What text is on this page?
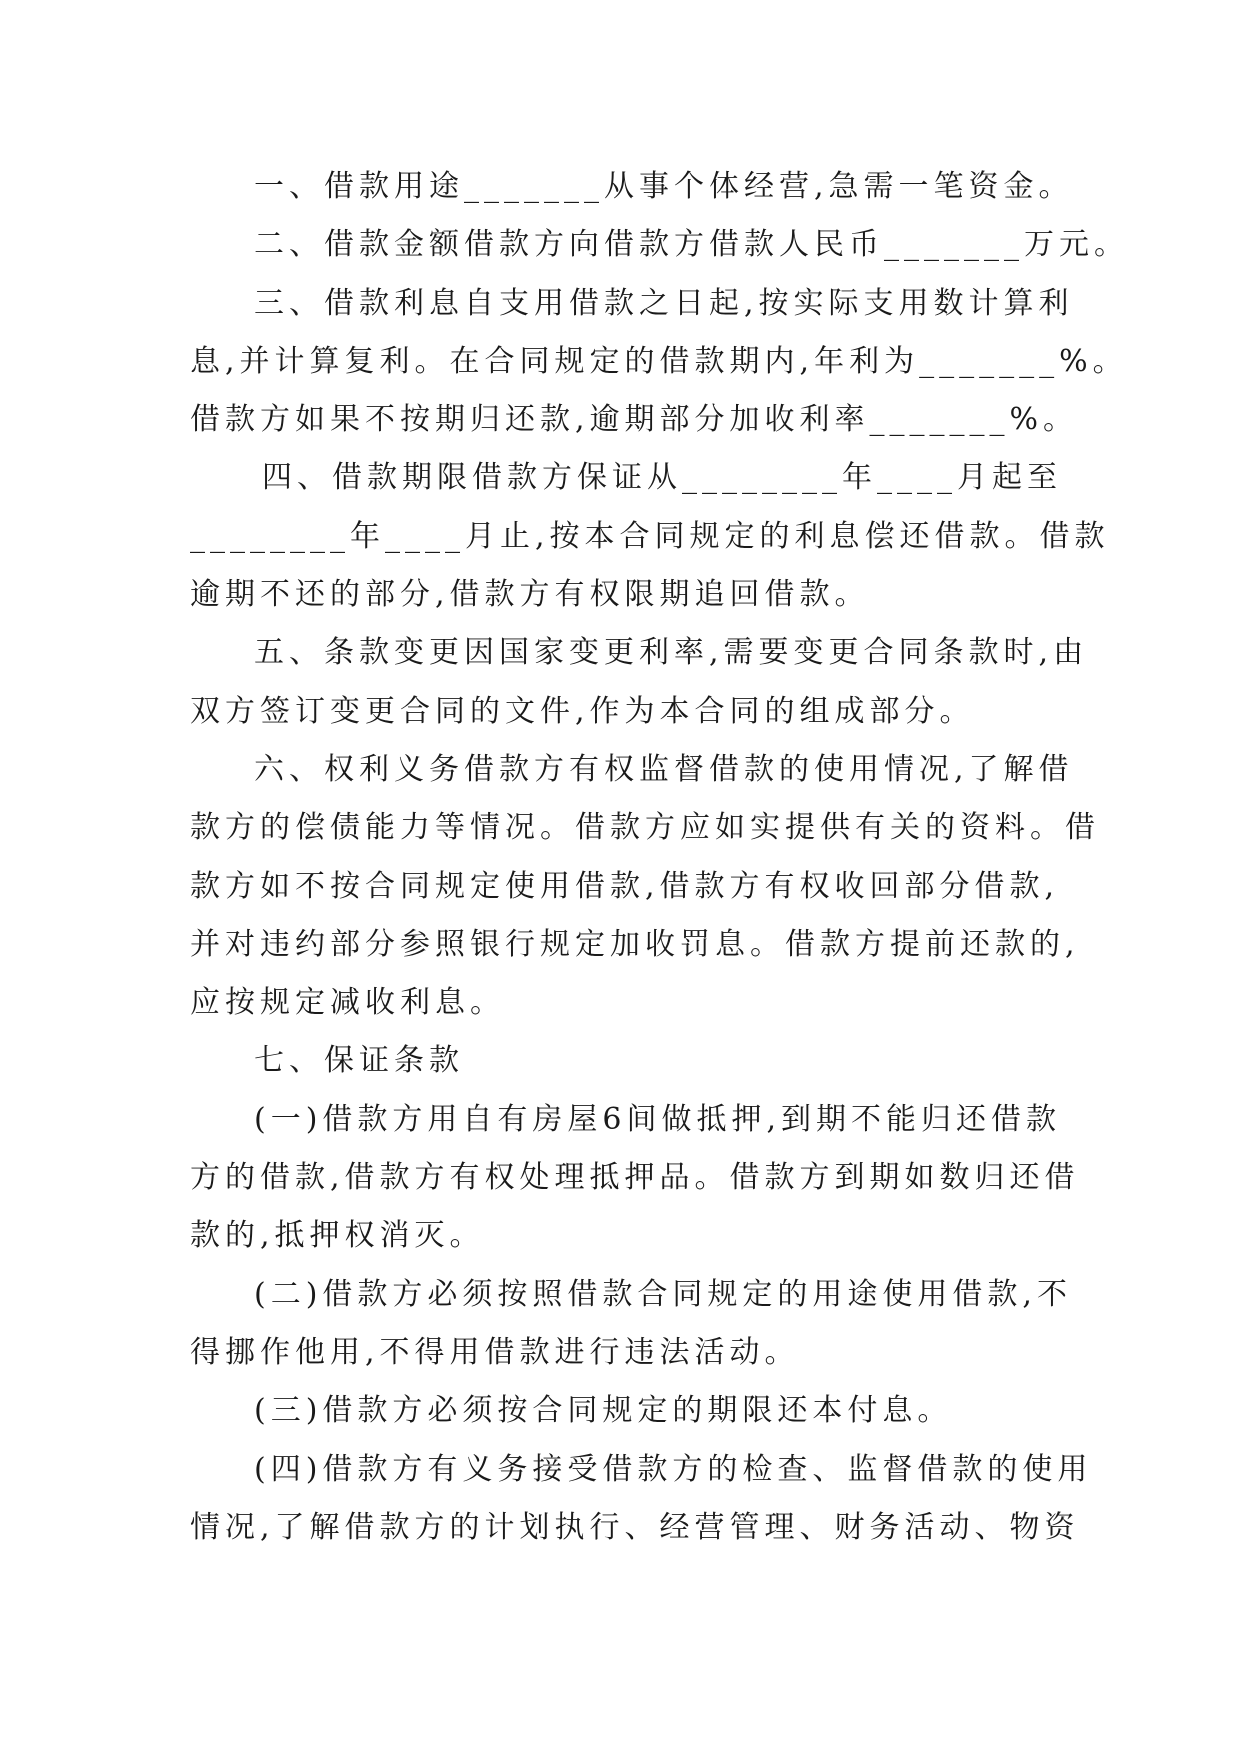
一、借款用途_______从事个体经营,急需一笔资金。
二、借款金额借款方向借款方借款人民币_______万元。
三、借款利息自支用借款之日起,按实际支用数计算利
息,并计算复利。在合同规定的借款期内,年利为_______%。
借款方如果不按期归还款,逾期部分加收利率_______%。
四、借款期限借款方保证从________年____月起至
________年____月止,按本合同规定的利息偿还借款。借款
逾期不还的部分,借款方有权限期追回借款。
五、条款变更因国家变更利率,需要变更合同条款时,由
双方签订变更合同的文件,作为本合同的组成部分。
六、权利义务借款方有权监督借款的使用情况,了解借
款方的偿债能力等情况。借款方应如实提供有关的资料。借
款方如不按合同规定使用借款,借款方有权收回部分借款,
并对违约部分参照银行规定加收罚息。借款方提前还款的,
应按规定减收利息。
七、保证条款
(一)借款方用自有房屋6间做抵押,到期不能归还借款
方的借款,借款方有权处理抵押品。借款方到期如数归还借
款的,抵押权消灭。
(二)借款方必须按照借款合同规定的用途使用借款,不
得挪作他用,不得用借款进行违法活动。
(三)借款方必须按合同规定的期限还本付息。
(四)借款方有义务接受借款方的检查、监督借款的使用
情况,了解借款方的计划执行、经营管理、财务活动、物资
